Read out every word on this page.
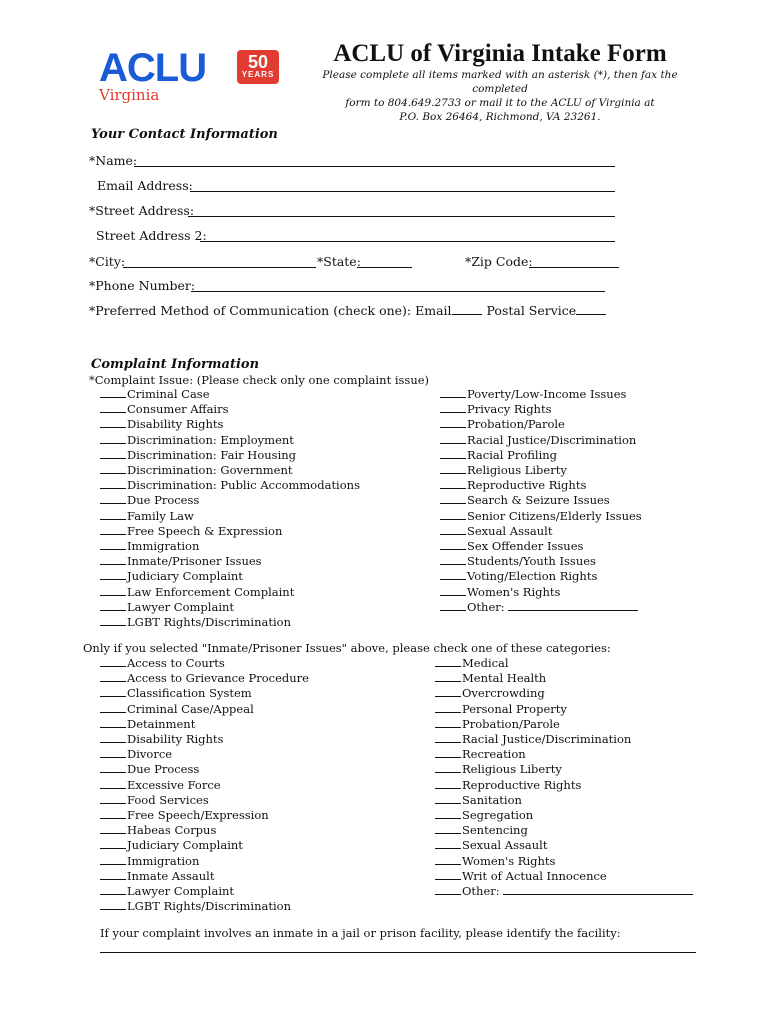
ACLU	50
YEARS
Virginia
ACLU of Virginia Intake Form
Please complete all items marked with an asterisk (*), then fax the completed
form to 804.649.2733 or mail it to the ACLU of Virginia at
P.O. Box 26464, Richmond, VA 23261.
Your Contact Information
*Name:
Email Address:
*Street Address:
Street Address 2:
*City:	*State:	*Zip Code:
*Phone Number:
*Preferred Method of Communication (check one): Email	Postal Service
Complaint Information
*Complaint Issue: (Please check only one complaint issue)
Criminal Case
Consumer Affairs
Disability Rights
Discrimination: Employment
Discrimination: Fair Housing
Discrimination: Government
Discrimination: Public Accommodations
Due Process
Family Law
Free Speech & Expression
Immigration
Inmate/Prisoner Issues
Judiciary Complaint
Law Enforcement Complaint
Lawyer Complaint
LGBT Rights/Discrimination
Poverty/Low-Income Issues
Privacy Rights
Probation/Parole
Racial Justice/Discrimination
Racial Profiling
Religious Liberty
Reproductive Rights
Search & Seizure Issues
Senior Citizens/Elderly Issues
Sexual Assault
Sex Offender Issues
Students/Youth Issues
Voting/Election Rights
Women's Rights
Other:
Only if you selected "Inmate/Prisoner Issues" above, please check one of these categories:
Access to Courts
Access to Grievance Procedure
Classification System
Criminal Case/Appeal
Detainment
Disability Rights
Divorce
Due Process
Excessive Force
Food Services
Free Speech/Expression
Habeas Corpus
Judiciary Complaint
Immigration
Inmate Assault
Lawyer Complaint
LGBT Rights/Discrimination
Medical
Mental Health
Overcrowding
Personal Property
Probation/Parole
Racial Justice/Discrimination
Recreation
Religious Liberty
Reproductive Rights
Sanitation
Segregation
Sentencing
Sexual Assault
Women's Rights
Writ of Actual Innocence
Other:
If your complaint involves an inmate in a jail or prison facility, please identify the facility:
